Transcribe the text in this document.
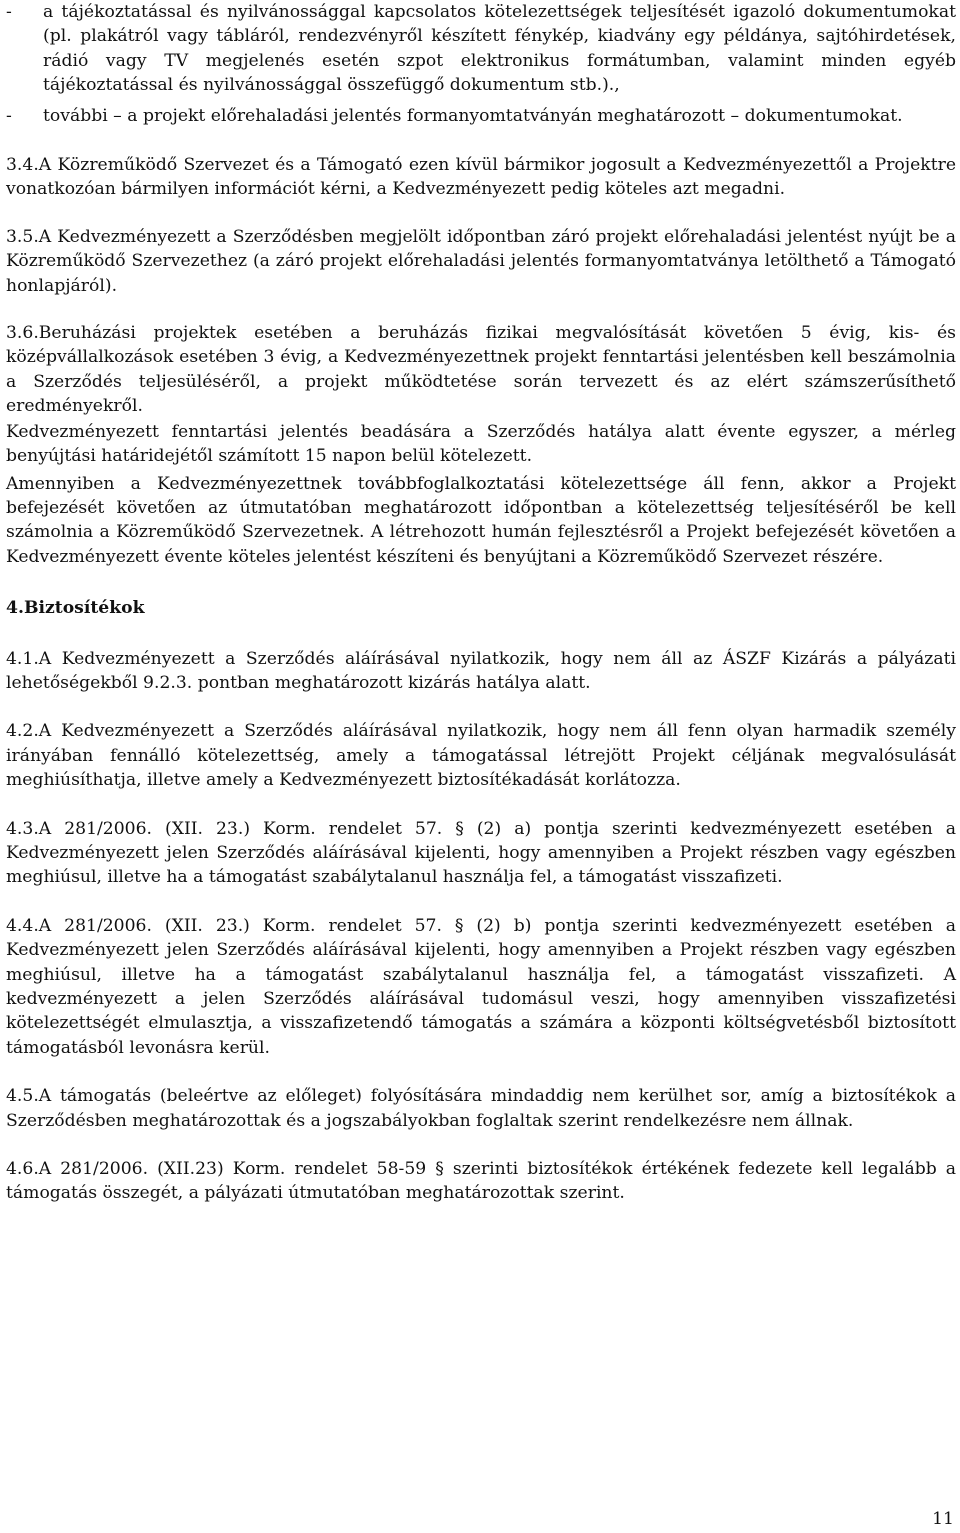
-	a tájékoztatással és nyilvánossággal kapcsolatos kötelezettségek teljesítését igazoló dokumentumokat (pl. plakátról vagy tábláról, rendezvényről készített fénykép, kiadvány egy példánya, sajtóhirdetések, rádió vagy TV megjelenés esetén szpot elektronikus formátumban, valamint minden egyéb tájékoztatással és nyilvánossággal összefüggő dokumentum stb.).,
-	további – a projekt előrehaladási jelentés formanyomtatványán meghatározott – dokumentumokat.

3.4.A Közreműködő Szervezet és a Támogató ezen kívül bármikor jogosult a Kedvezményezettől a Projektre vonatkozóan bármilyen információt kérni, a Kedvezményezett pedig köteles azt megadni.

3.5.A Kedvezményezett a Szerződésben megjelölt időpontban záró projekt előrehaladási jelentést nyújt be a Közreműködő Szervezethez (a záró projekt előrehaladási jelentés formanyomtatványa letölthető a Támogató honlapjáról).

3.6.Beruházási projektek esetében a beruházás fizikai megvalósítását követően 5 évig, kis- és középvállalkozások esetében 3 évig, a Kedvezményezettnek projekt fenntartási jelentésben kell beszámolnia a Szerződés teljesüléséről, a projekt működtetése során tervezett és az elért számszerűsíthető eredményekről.

Kedvezményezett fenntartási jelentés beadására a Szerződés hatálya alatt évente egyszer, a mérleg benyújtási határidejétől számított 15 napon belül kötelezett.

Amennyiben a Kedvezményezettnek továbbfoglalkoztatási kötelezettsége áll fenn, akkor a Projekt befejezését követően az útmutatóban meghatározott időpontban a kötelezettség teljesítéséről be kell számolnia a Közreműködő Szervezetnek. A létrehozott humán fejlesztésről a Projekt befejezését követően a Kedvezményezett évente köteles jelentést készíteni és benyújtani a Közreműködő Szervezet részére.

4.Biztosítékok

4.1.A Kedvezményezett a Szerződés aláírásával nyilatkozik, hogy nem áll az ÁSZF Kizárás a pályázati lehetőségekből 9.2.3. pontban meghatározott kizárás hatálya alatt.

4.2.A Kedvezményezett a Szerződés aláírásával nyilatkozik, hogy nem áll fenn olyan harmadik személy irányában fennálló kötelezettség, amely a támogatással létrejött Projekt céljának megvalósulását meghiúsíthatja, illetve amely a Kedvezményezett biztosítékadását korlátozza.

4.3.A 281/2006. (XII. 23.) Korm. rendelet 57. § (2) a) pontja szerinti kedvezményezett esetében a Kedvezményezett jelen Szerződés aláírásával kijelenti, hogy amennyiben a Projekt részben vagy egészben meghiúsul, illetve ha a támogatást szabálytalanul használja fel, a támogatást visszafizeti.

4.4.A 281/2006. (XII. 23.) Korm. rendelet 57. § (2) b) pontja szerinti kedvezményezett esetében a Kedvezményezett jelen Szerződés aláírásával kijelenti, hogy amennyiben a Projekt részben vagy egészben meghiúsul, illetve ha a támogatást szabálytalanul használja fel, a támogatást visszafizeti. A kedvezményezett a jelen Szerződés aláírásával tudomásul veszi, hogy amennyiben visszafizetési kötelezettségét elmulasztja, a visszafizetendő támogatás a számára a központi költségvetésből biztosított támogatásból levonásra kerül.

4.5.A támogatás (beleértve az előleget) folyósítására mindaddig nem kerülhet sor, amíg a biztosítékok a Szerződésben meghatározottak és a jogszabályokban foglaltak szerint rendelkezésre nem állnak.

4.6.A 281/2006. (XII.23) Korm. rendelet 58-59 § szerinti biztosítékok értékének fedezete kell legalább a támogatás összegét, a pályázati útmutatóban meghatározottak szerint.

11
